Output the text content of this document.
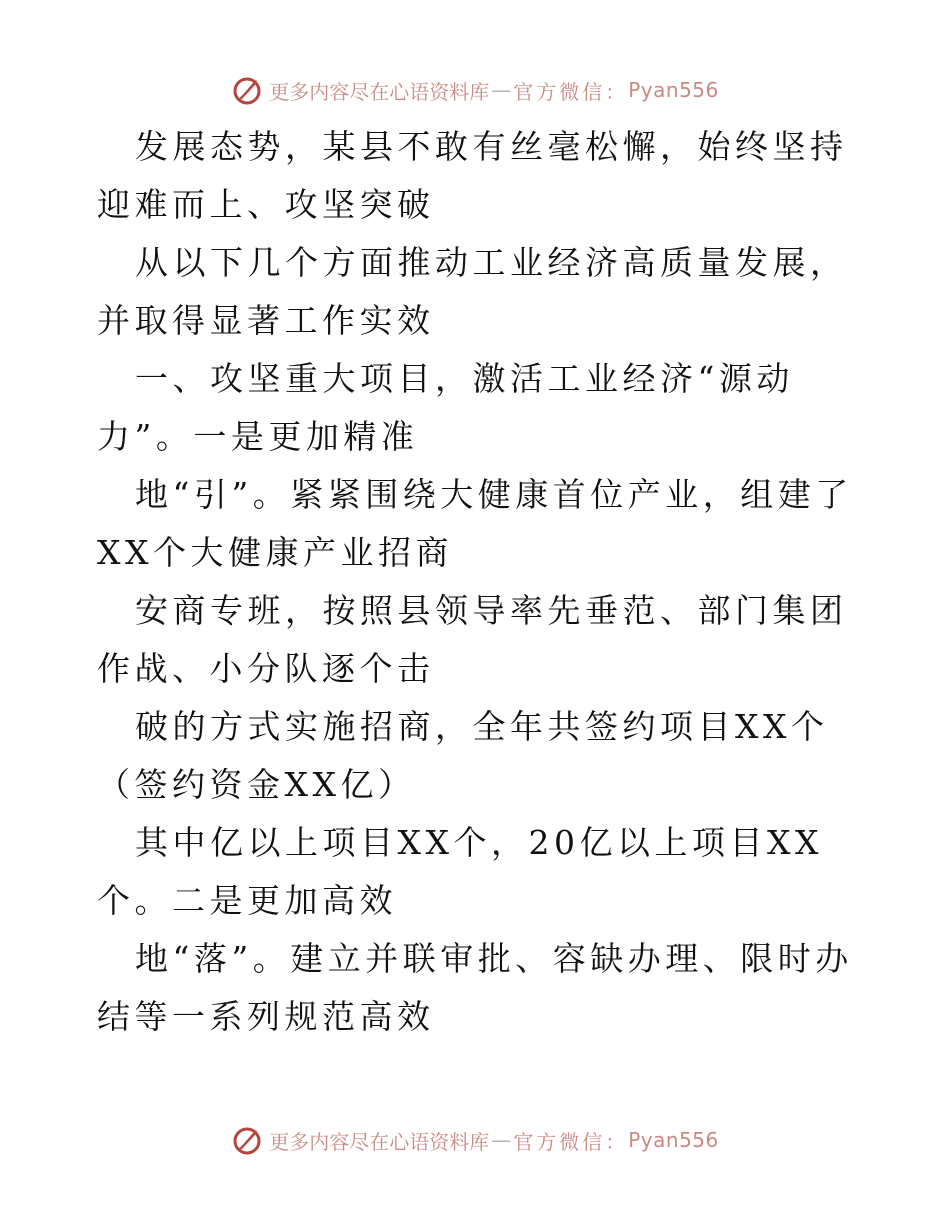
更多内容尽在心语资料库 — 官方微信： Pyan556

发展态势，某县不敢有丝毫松懈，始终坚持迎难而上、攻坚突破

从以下几个方面推动工业经济高质量发展，并取得显著工作实效

一、攻坚重大项目，激活工业经济“源动力”。一是更加精准

地“引”。紧紧围绕大健康首位产业，组建了XX个大健康产业招商

安商专班，按照县领导率先垂范、部门集团作战、小分队逐个击

破的方式实施招商，全年共签约项目XX个（签约资金XX亿）

其中亿以上项目XX个，20亿以上项目XX个。二是更加高效

地“落”。建立并联审批、容缺办理、限时办结等一系列规范高效

更多内容尽在心语资料库 — 官方微信： Pyan556
